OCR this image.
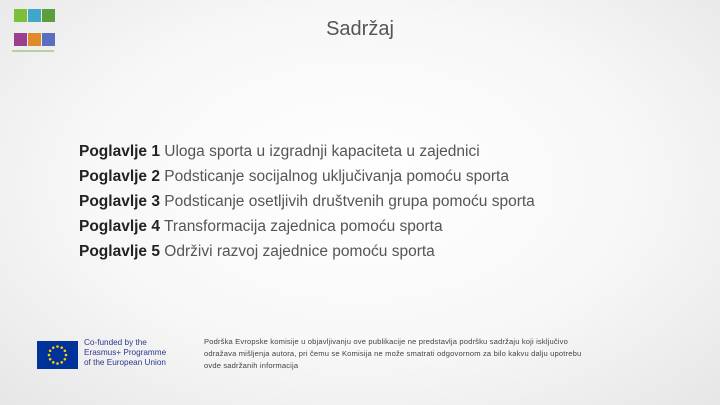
Sadržaj
Poglavlje 1 Uloga sporta u izgradnji kapaciteta u zajednici
Poglavlje 2 Podsticanje socijalnog uključivanja pomoću sporta
Poglavlje 3 Podsticanje osetljivih društvenih grupa pomoću sporta
Poglavlje 4 Transformacija zajednica pomoću sporta
Poglavlje 5 Održivi razvoj zajednice pomoću sporta
Co-funded by the
Erasmus+ Programme
of the European Union
Podrška Evropske komisije u objavljivanju ove publikacije ne predstavlja podršku sadržaju koji isključivo
odražava mišljenja autora, pri čemu se Komisija ne može smatrati odgovornom za bilo kakvu dalju upotrebu
ovde sadržanih informacija
